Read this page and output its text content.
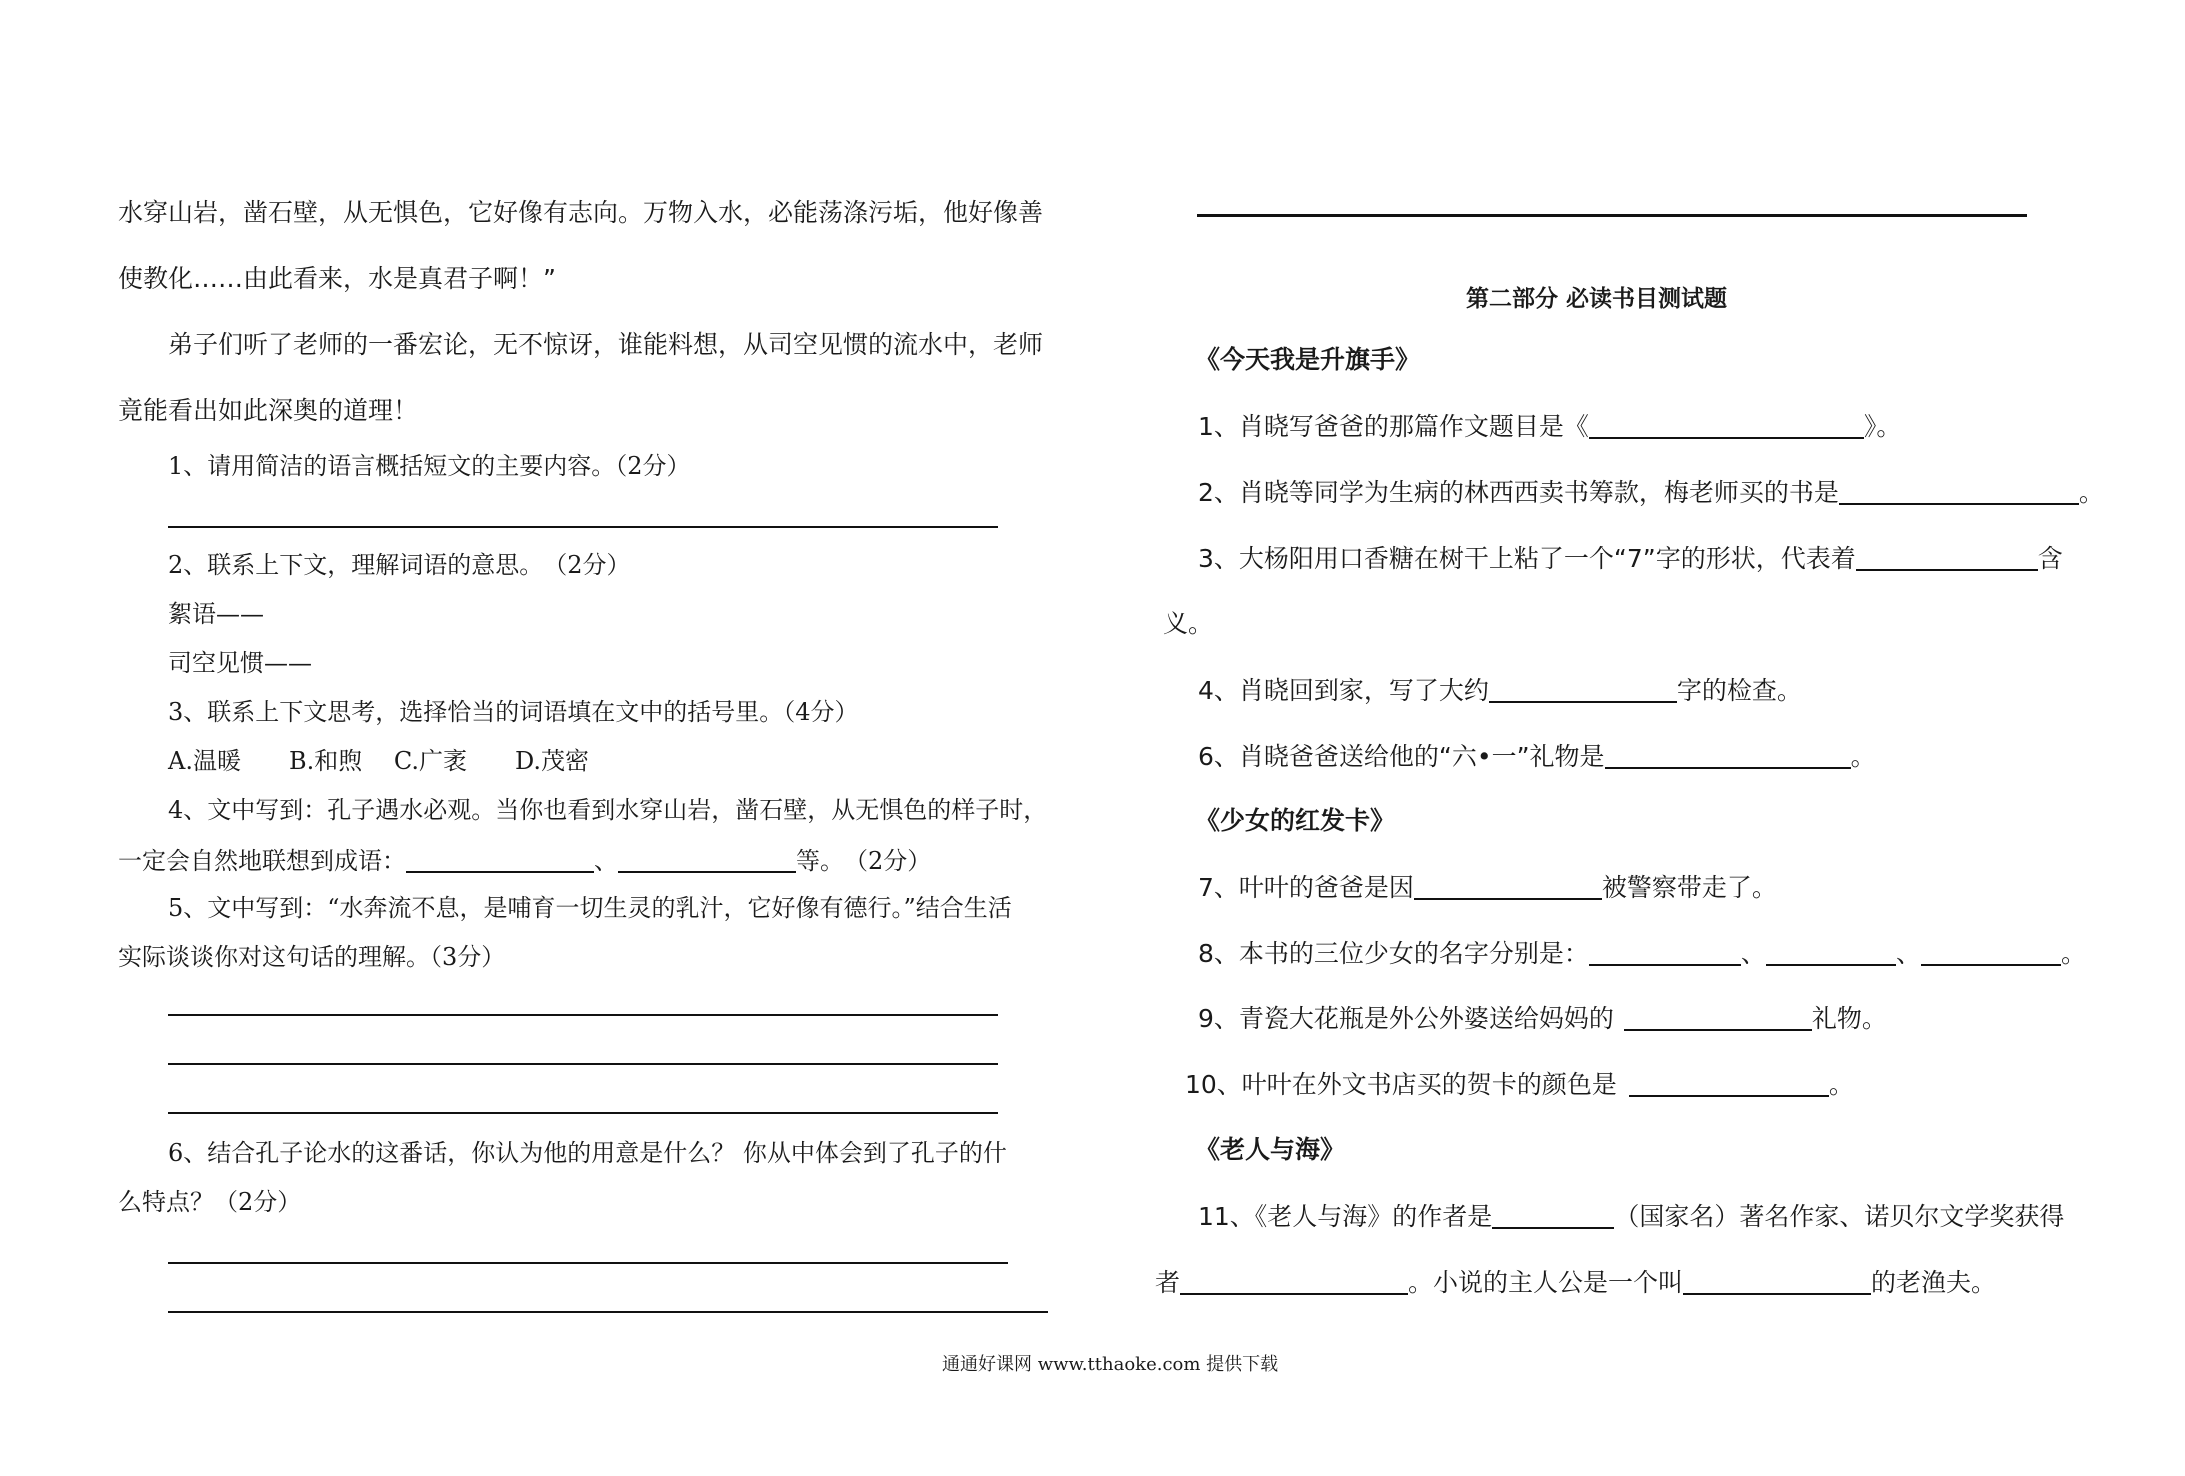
水穿山岩，凿石壁，从无惧色，它好像有志向。万物入水，必能荡涤污垢，他好像善
使教化……由此看来，水是真君子啊！”
弟子们听了老师的一番宏论，无不惊讶，谁能料想，从司空见惯的流水中，老师
竟能看出如此深奥的道理！
1、请用简洁的语言概括短文的主要内容。（2分）
2、联系上下文，理解词语的意思。　（2分）
絮语——
司空见惯——
3、联系上下文思考，选择恰当的词语填在文中的括号里。（4分）
A.温暖　　B.和煦　 C.广袤　　D.茂密
4、文中写到：孔子遇水必观。当你也看到水穿山岩，凿石壁，从无惧色的样子时，
一定会自然地联想到成语：	、	等。　（2分）
5、文中写到：“水奔流不息，是哺育一切生灵的乳汁，它好像有德行。”结合生活
实际谈谈你对这句话的理解。（3分）
6、结合孔子论水的这番话，你认为他的用意是什么？ 你从中体会到了孔子的什
么特点？（2分）
第二部分 必读书目测试题
《今天我是升旗手》
1、肖晓写爸爸的那篇作文题目是《	》。
2、肖晓等同学为生病的林西西卖书筹款，梅老师买的书是	。
3、大杨阳用口香糖在树干上粘了一个“7”字的形状，代表着	含
义。
4、肖晓回到家，写了大约	字的检查。
6、肖晓爸爸送给他的“六•一”礼物是	。
《少女的红发卡》
7、叶叶的爸爸是因	被警察带走了。
8、本书的三位少女的名字分别是：	、	、	。
9、青瓷大花瓶是外公外婆送给妈妈的	礼物。
10、叶叶在外文书店买的贺卡的颜色是	。
《老人与海》
11、《老人与海》的作者是	（国家名）著名作家、诺贝尔文学奖获得
者	。小说的主人公是一个叫	的老渔夫。
通通好课网 www.tthaoke.com 提供下载
